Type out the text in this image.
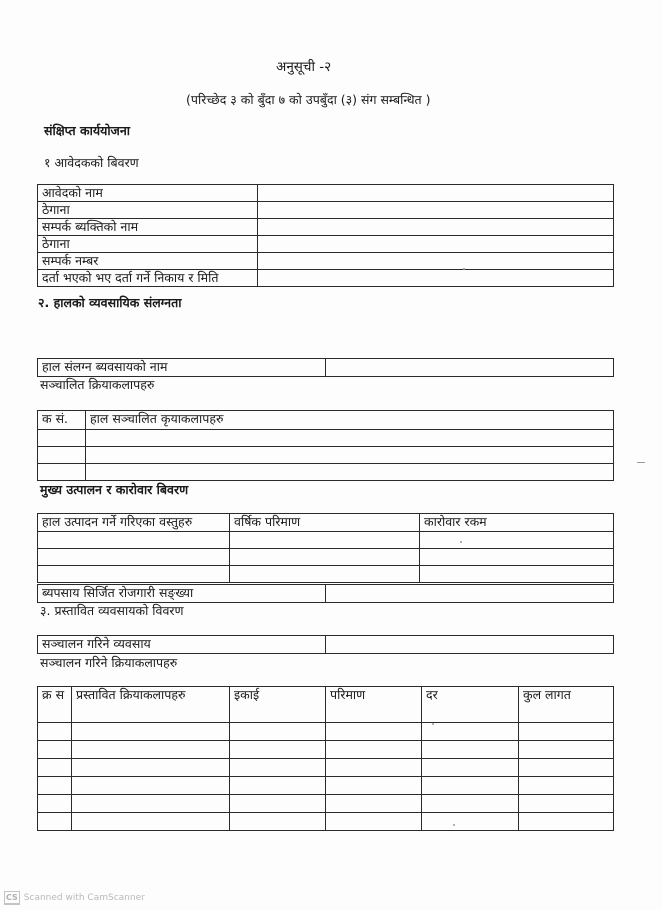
अनुसूची -२
(परिच्छेद ३ को बुँदा ७ को उपबुँदा (३) संग सम्बन्धित )
संक्षिप्त कार्ययोजना
१ आवेदकको बिवरण
आवेदको नाम	
ठेगाना	
सम्पर्क ब्यक्तिको नाम	
ठेगाना	
सम्पर्क नम्बर	
दर्ता भएको भए दर्ता गर्ने निकाय र मिति	
२. हालको व्यवसायिक संलग्नता
हाल संलग्न ब्यवसायको नाम	
सञ्चालित क्रियाकलापहरु
क सं.	हाल सञ्चालित कृयाकलापहरु

मुख्य उत्पालन र कारोवार बिवरण
हाल उत्पादन गर्ने गरिएका वस्तुहरु	वर्षिक परिमाण	कारोवार रकम

ब्यपसाय सिर्जित रोजगारी सङ्ख्या	
३. प्रस्तावित व्यवसायको विवरण
सञ्चालन गरिने व्यवसाय	
सञ्चालन गरिने क्रियाकलापहरु
क्र स	प्रस्तावित क्रियाकलापहरु	इकाई	परिमाण	दर	कुल लागत

CS Scanned with CamScanner
